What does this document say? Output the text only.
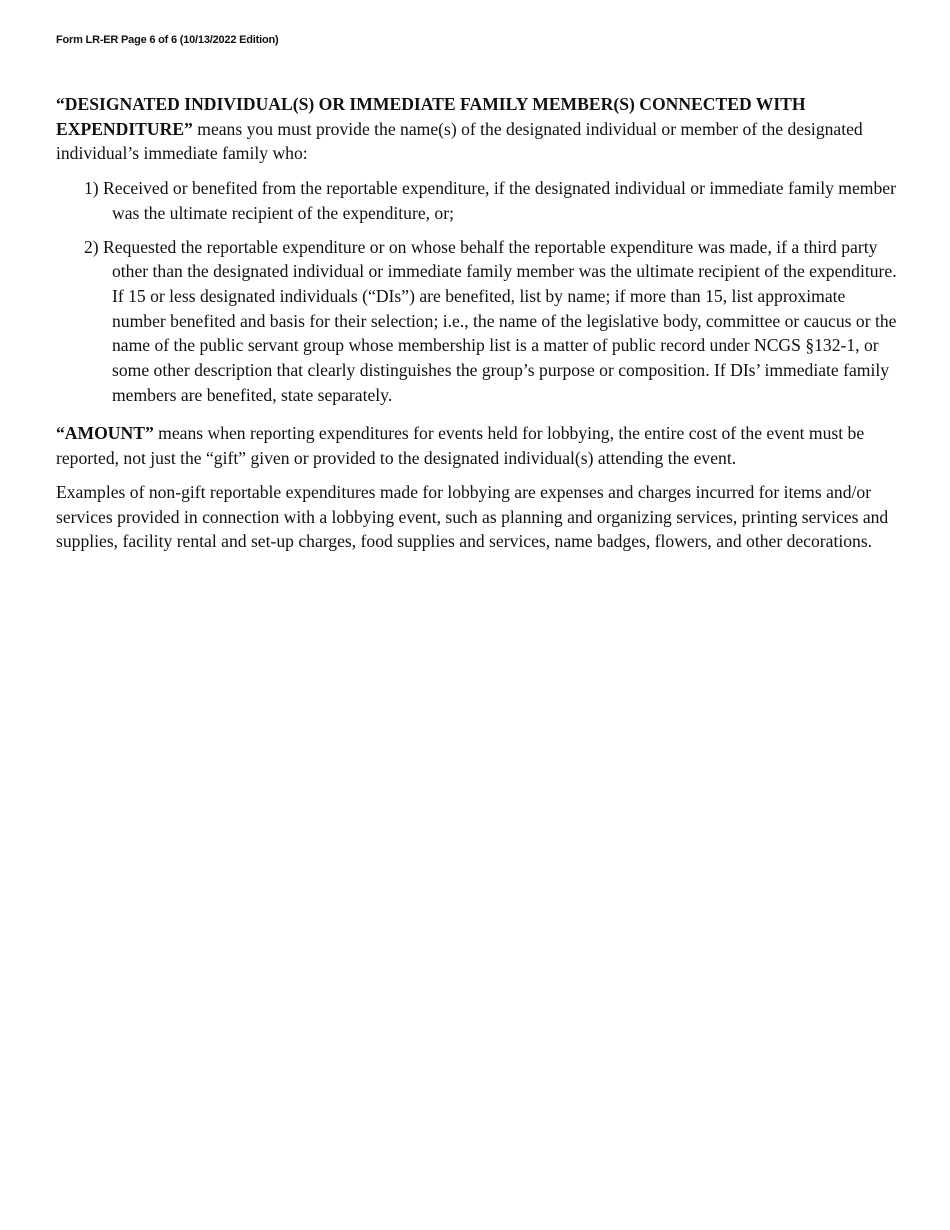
Form LR-ER Page 6 of 6 (10/13/2022 Edition)

“DESIGNATED INDIVIDUAL(S) OR IMMEDIATE FAMILY MEMBER(S) CONNECTED WITH EXPENDITURE” means you must provide the name(s) of the designated individual or member of the designated individual’s immediate family who:

1) Received or benefited from the reportable expenditure, if the designated individual or immediate family member was the ultimate recipient of the expenditure, or;
2) Requested the reportable expenditure or on whose behalf the reportable expenditure was made, if a third party other than the designated individual or immediate family member was the ultimate recipient of the expenditure. If 15 or less designated individuals (“DIs”) are benefited, list by name; if more than 15, list approximate number benefited and basis for their selection; i.e., the name of the legislative body, committee or caucus or the name of the public servant group whose membership list is a matter of public record under NCGS §132-1, or some other description that clearly distinguishes the group’s purpose or composition. If DIs’ immediate family members are benefited, state separately.

“AMOUNT” means when reporting expenditures for events held for lobbying, the entire cost of the event must be reported, not just the “gift” given or provided to the designated individual(s) attending the event.

Examples of non-gift reportable expenditures made for lobbying are expenses and charges incurred for items and/or services provided in connection with a lobbying event, such as planning and organizing services, printing services and supplies, facility rental and set-up charges, food supplies and services, name badges, flowers, and other decorations.
